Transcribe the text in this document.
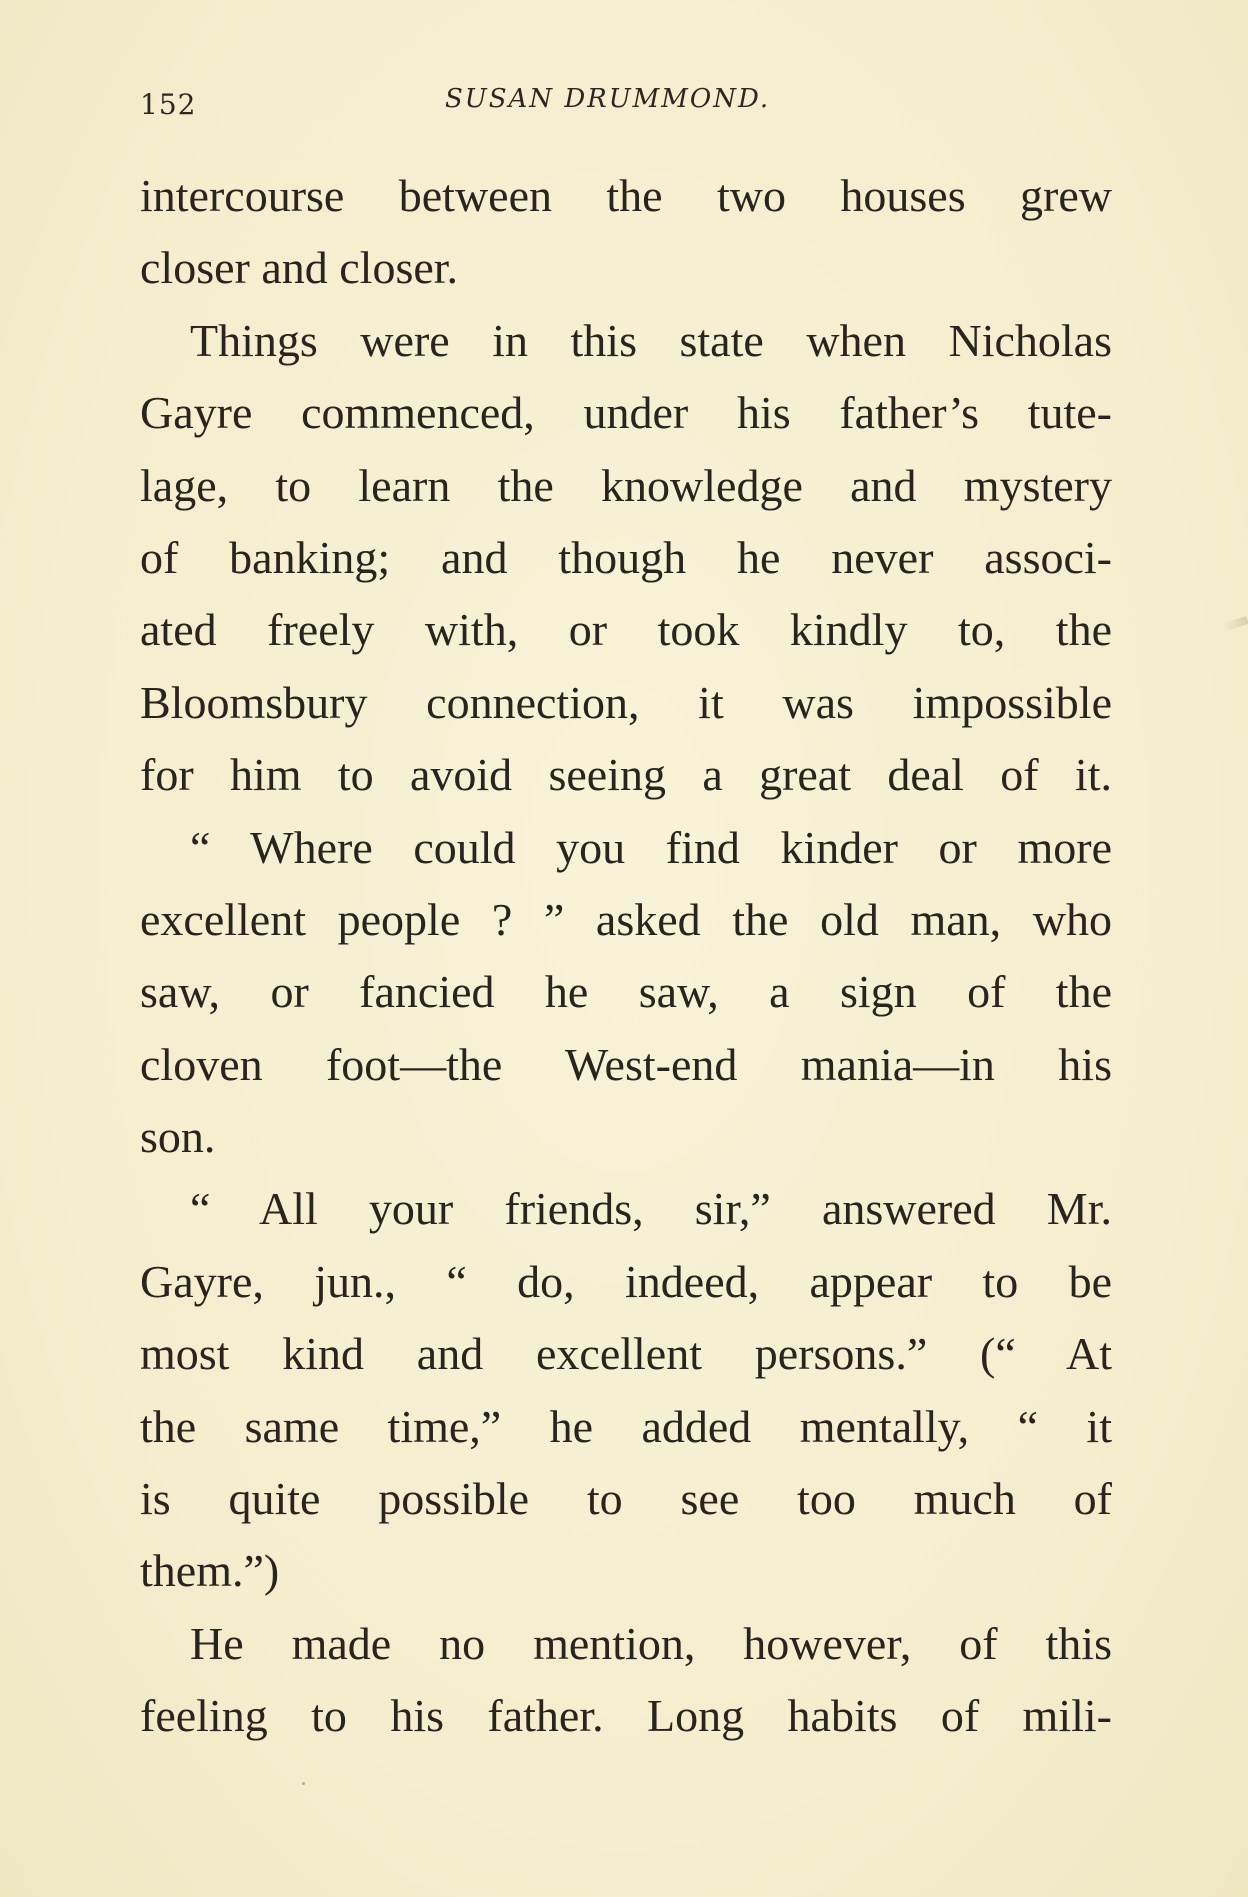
152	SUSAN DRUMMOND.
intercourse between the two houses grew
closer and closer.
Things were in this state when Nicholas
Gayre commenced, under his father’s tute-
lage, to learn the knowledge and mystery
of banking; and though he never associ-
ated freely with, or took kindly to, the
Bloomsbury connection, it was impossible
for him to avoid seeing a great deal of it.
“ Where could you find kinder or more
excellent people ? ” asked the old man, who
saw, or fancied he saw, a sign of the
cloven foot—the West-end mania—in his
son.
“ All your friends, sir,” answered Mr.
Gayre, jun., “ do, indeed, appear to be
most kind and excellent persons.” (“ At
the same time,” he added mentally, “ it
is quite possible to see too much of
them.”)
He made no mention, however, of this
feeling to his father. Long habits of mili-
